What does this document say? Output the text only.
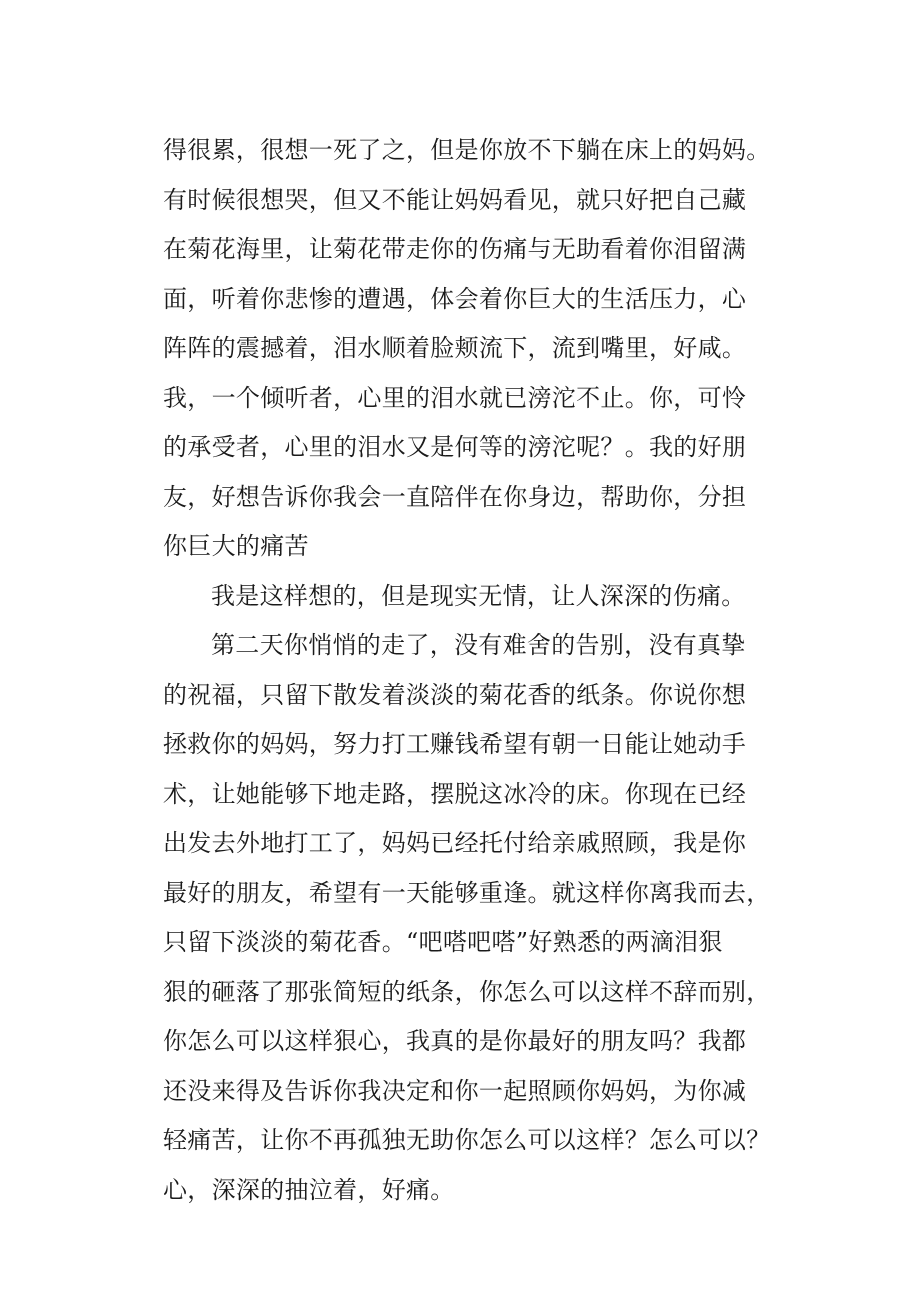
得很累，很想一死了之，但是你放不下躺在床上的妈妈。
有时候很想哭，但又不能让妈妈看见，就只好把自己藏
在菊花海里，让菊花带走你的伤痛与无助看着你泪留满
面，听着你悲惨的遭遇，体会着你巨大的生活压力，心
阵阵的震撼着，泪水顺着脸颊流下，流到嘴里，好咸。
我，一个倾听者，心里的泪水就已滂沱不止。你，可怜
的承受者，心里的泪水又是何等的滂沱呢？。我的好朋
友，好想告诉你我会一直陪伴在你身边，帮助你，分担
你巨大的痛苦
我是这样想的，但是现实无情，让人深深的伤痛。
第二天你悄悄的走了，没有难舍的告别，没有真挚
的祝福，只留下散发着淡淡的菊花香的纸条。你说你想
拯救你的妈妈，努力打工赚钱希望有朝一日能让她动手
术，让她能够下地走路，摆脱这冰冷的床。你现在已经
出发去外地打工了，妈妈已经托付给亲戚照顾，我是你
最好的朋友，希望有一天能够重逢。就这样你离我而去，
只留下淡淡的菊花香。“吧嗒吧嗒”好熟悉的两滴泪狠
狠的砸落了那张简短的纸条，你怎么可以这样不辞而别，
你怎么可以这样狠心，我真的是你最好的朋友吗？我都
还没来得及告诉你我决定和你一起照顾你妈妈，为你减
轻痛苦，让你不再孤独无助你怎么可以这样？怎么可以？
心，深深的抽泣着，好痛。
